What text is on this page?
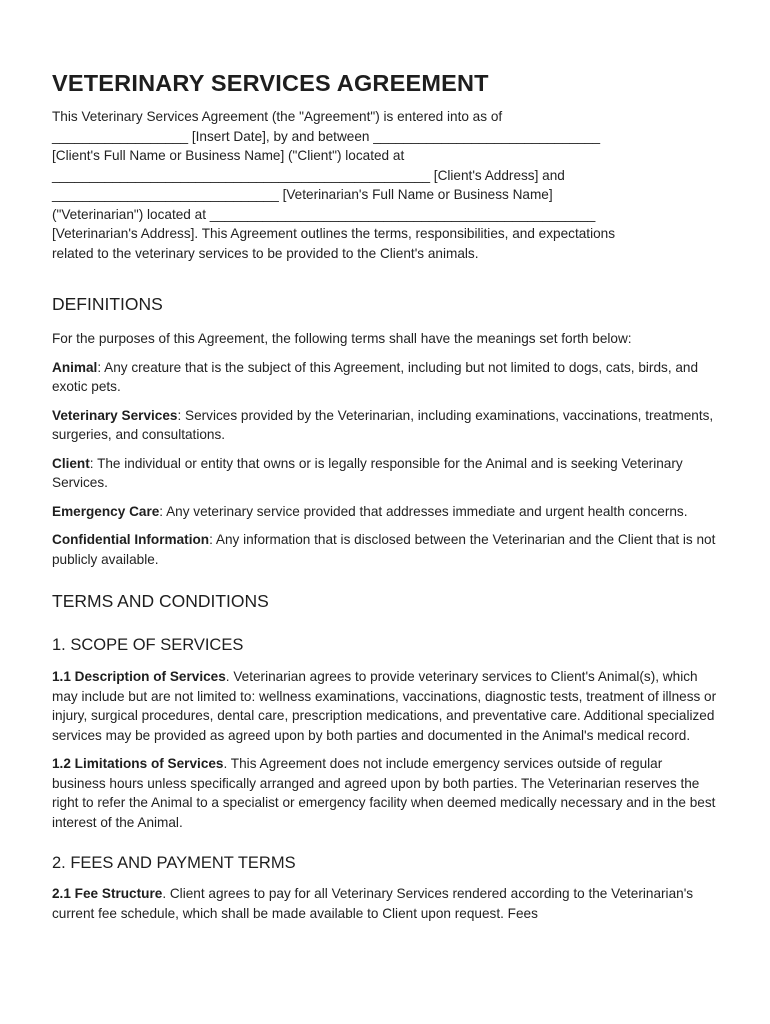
VETERINARY SERVICES AGREEMENT
This Veterinary Services Agreement (the "Agreement") is entered into as of
__________________ [Insert Date], by and between ______________________________
[Client's Full Name or Business Name] ("Client") located at
__________________________________________________ [Client's Address] and
______________________________ [Veterinarian's Full Name or Business Name]
("Veterinarian") located at ___________________________________________________
[Veterinarian's Address]. This Agreement outlines the terms, responsibilities, and expectations
related to the veterinary services to be provided to the Client's animals.
DEFINITIONS

For the purposes of this Agreement, the following terms shall have the meanings set forth below:

Animal: Any creature that is the subject of this Agreement, including but not limited to dogs, cats, birds, and exotic pets.

Veterinary Services: Services provided by the Veterinarian, including examinations, vaccinations, treatments, surgeries, and consultations.

Client: The individual or entity that owns or is legally responsible for the Animal and is seeking Veterinary Services.

Emergency Care: Any veterinary service provided that addresses immediate and urgent health concerns.

Confidential Information: Any information that is disclosed between the Veterinarian and the Client that is not publicly available.

TERMS AND CONDITIONS
1. SCOPE OF SERVICES

1.1 Description of Services. Veterinarian agrees to provide veterinary services to Client's Animal(s), which may include but are not limited to: wellness examinations, vaccinations, diagnostic tests, treatment of illness or injury, surgical procedures, dental care, prescription medications, and preventative care. Additional specialized services may be provided as agreed upon by both parties and documented in the Animal's medical record.

1.2 Limitations of Services. This Agreement does not include emergency services outside of regular business hours unless specifically arranged and agreed upon by both parties. The Veterinarian reserves the right to refer the Animal to a specialist or emergency facility when deemed medically necessary and in the best interest of the Animal.

2. FEES AND PAYMENT TERMS

2.1 Fee Structure. Client agrees to pay for all Veterinary Services rendered according to the Veterinarian's current fee schedule, which shall be made available to Client upon request. Fees
